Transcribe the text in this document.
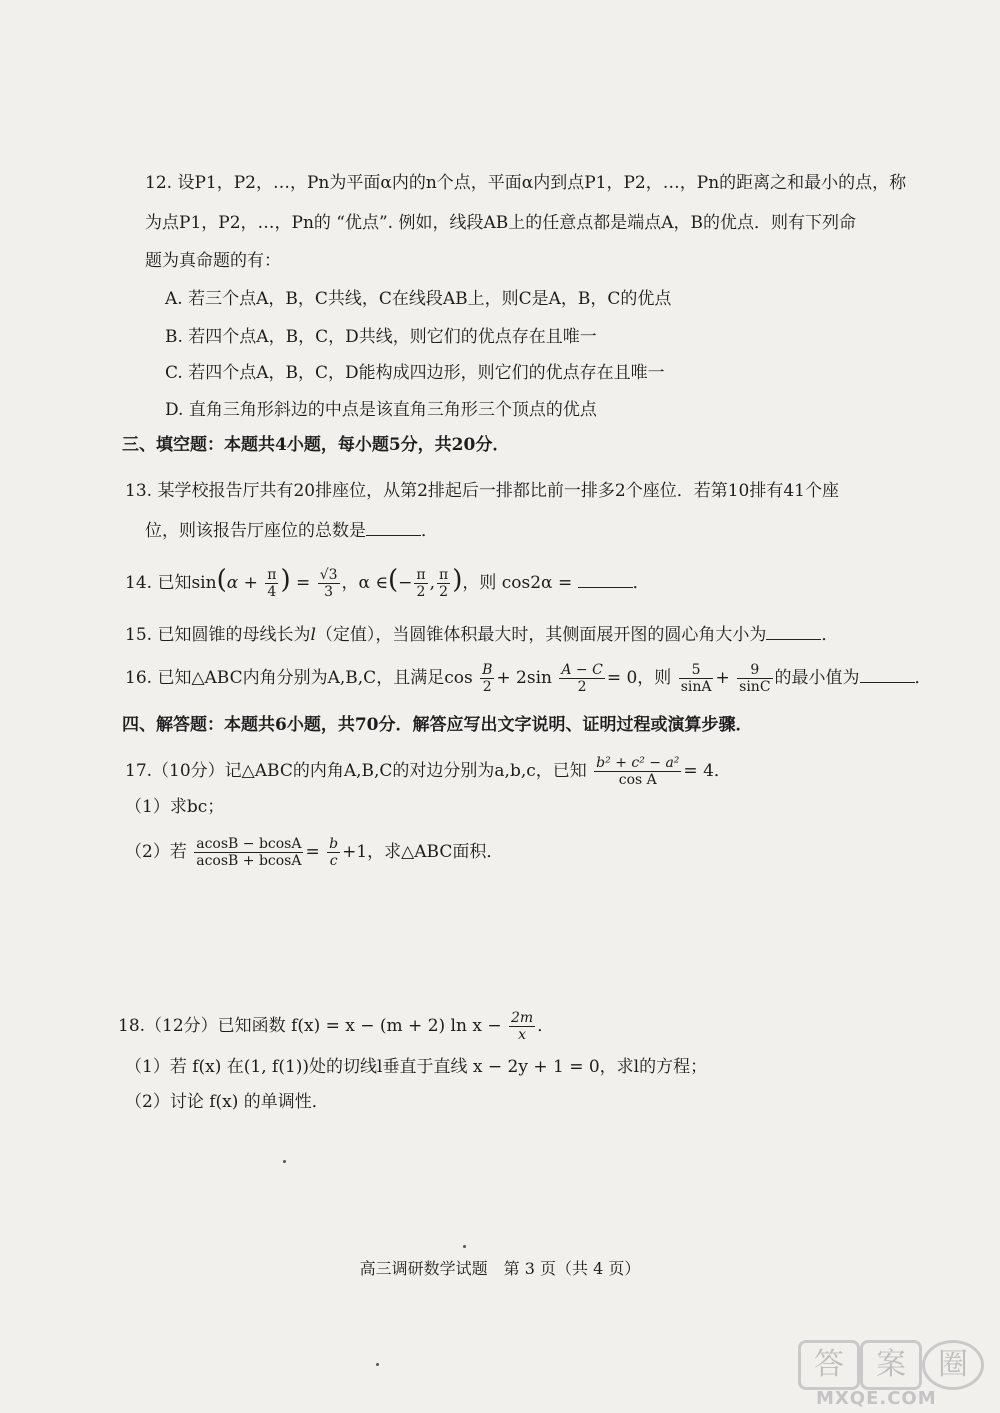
12. 设P1，P2，…，Pn为平面α内的n个点，平面α内到点P1，P2，…，Pn的距离之和最小的点，称
为点P1，P2，…，Pn的 “优点”. 例如，线段AB上的任意点都是端点A，B的优点．则有下列命
题为真命题的有：
A. 若三个点A，B，C共线，C在线段AB上，则C是A，B，C的优点
B. 若四个点A，B，C，D共线，则它们的优点存在且唯一
C. 若四个点A，B，C，D能构成四边形，则它们的优点存在且唯一
D. 直角三角形斜边的中点是该直角三角形三个顶点的优点
三、填空题：本题共4小题，每小题5分，共20分．
13. 某学校报告厅共有20排座位，从第2排起后一排都比前一排多2个座位．若第10排有41个座
位，则该报告厅座位的总数是	．
14. 已知$\sin(\alpha + \frac{\pi}{4}$ ) = $\frac{√3}{3}$ ，α ∈(− $\frac{\pi}{2}$ , $\frac{\pi}{2}$ )，则 cos2α =	．
15. 已知圆锥的母线长为l（定值），当圆锥体积最大时，其侧面展开图的圆心角大小为	．
16. 已知△ABC内角分别为A,B,C，且满足$\cos \frac{B}{2} + 2\sin \frac{A - C}{2} = 0$，则 $\frac{5}{\sin A} + \frac{9}{\sin C}$ 的最小值为	．
四、解答题：本题共6小题，共70分．解答应写出文字说明、证明过程或演算步骤．
17.（10分）记△ABC的内角A,B,C的对边分别为a,b,c，已知 $\frac{\text{b² + c² − a²}}{\text{cos A}} = 4$．
（1）求bc；
（2）若 $\frac{acosB - bcosA}{acosB + bcosA} = \frac{b}{c} +1$，求△ABC面积．
18.（12分）已知函数 f(x) = x − (m + 2) $\ln x - \frac{2m}{x}$ ．
（1）若 f(x) 在(1, f(1))处的切线l垂直于直线 x − 2y + 1 = 0，求l的方程；
（2）讨论 f(x) 的单调性．
高三调研数学试题　第 3 页（共 4 页）
答	案	圈
MXQE.COM
